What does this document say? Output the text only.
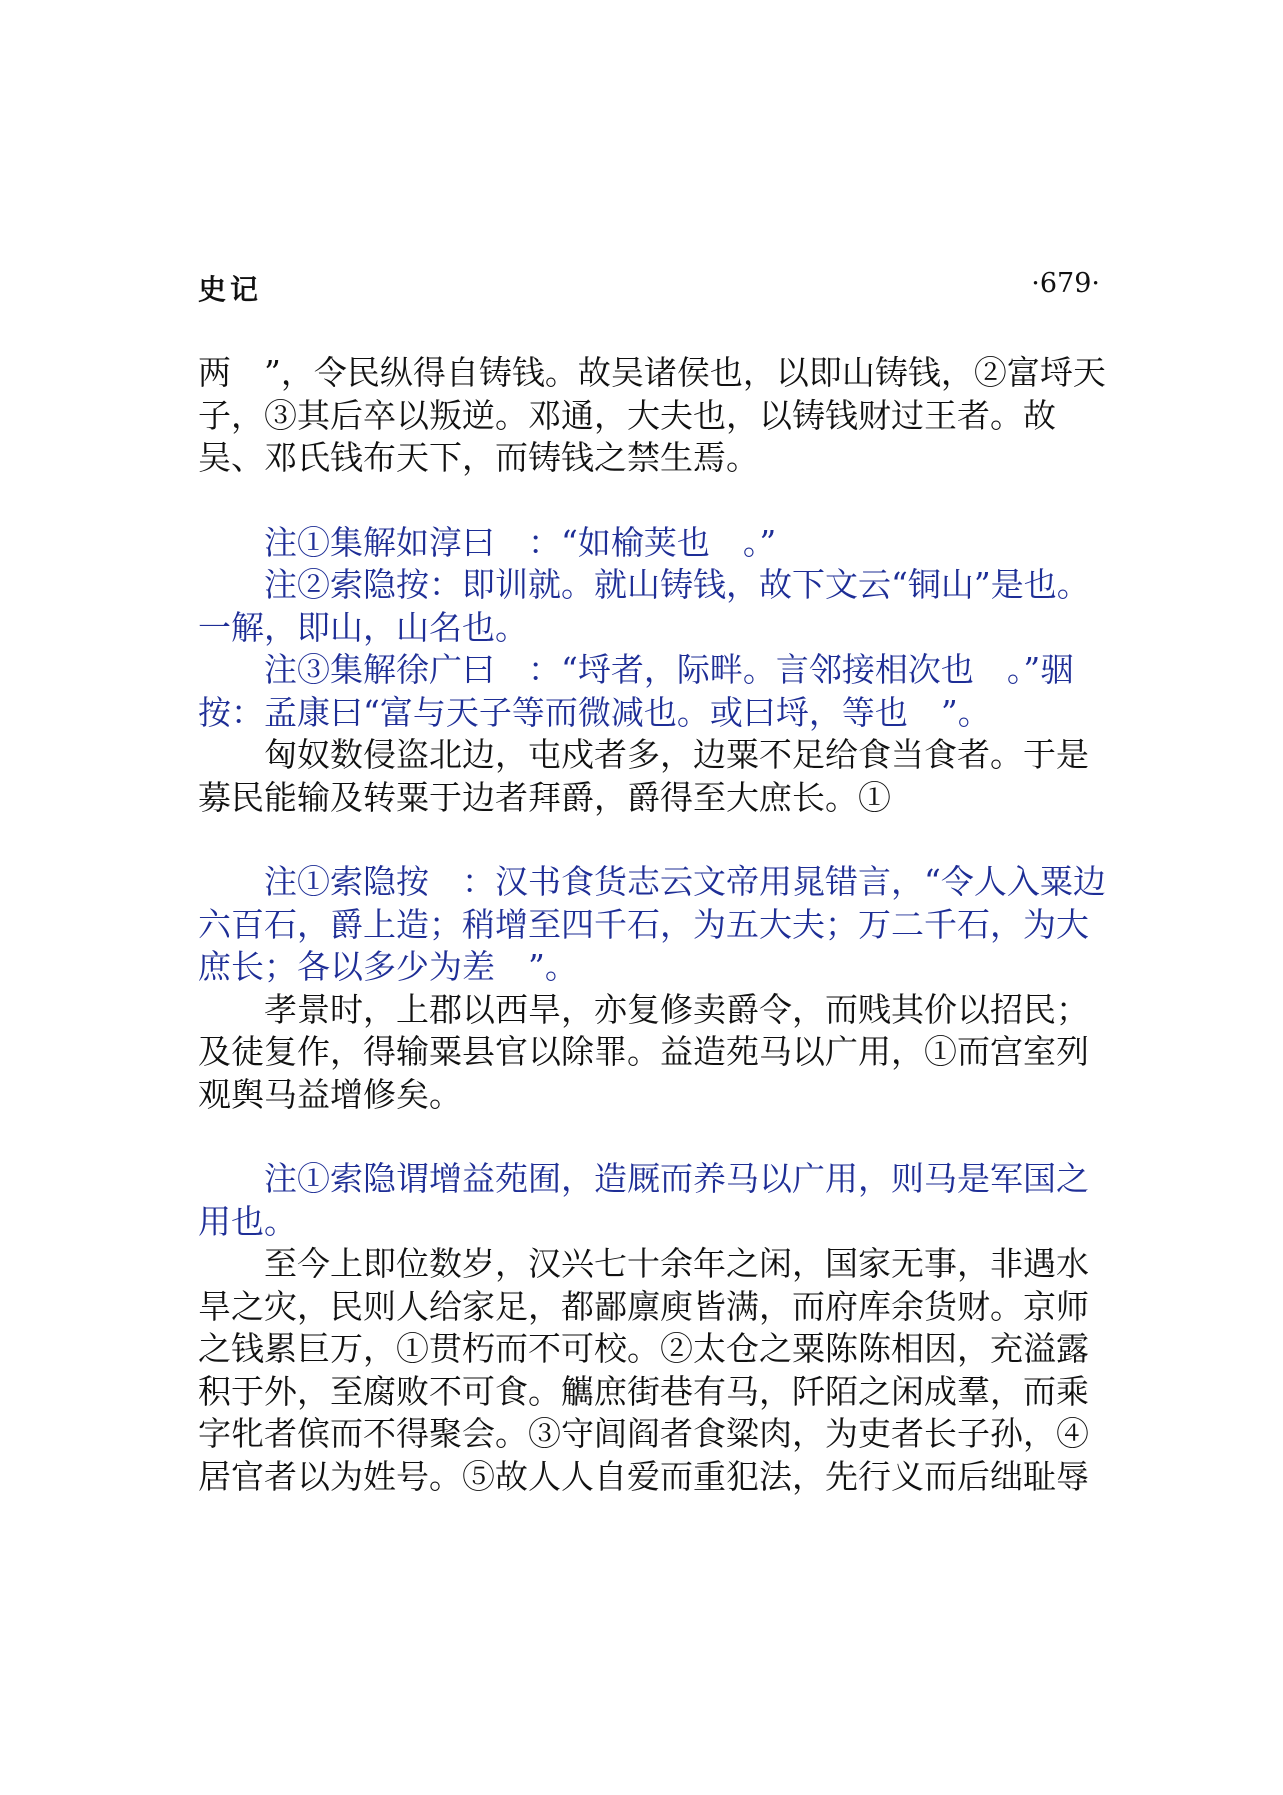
史记	·679·

两　”，令民纵得自铸钱。故吴诸侯也，以即山铸钱，②富埒天子，③其后卒以叛逆。邓通，大夫也，以铸钱财过王者。故吴、邓氏钱布天下，而铸钱之禁生焉。

注①集解如淳曰　：“如榆荚也　。”

注②索隐按：即训就。就山铸钱，故下文云“铜山”是也。一解，即山，山名也。

注③集解徐广曰　：“埒者，际畔。言邻接相次也　。”骃按：孟康曰“富与天子等而微减也。或曰埒，等也　”。

匈奴数侵盗北边，屯戍者多，边粟不足给食当食者。于是募民能输及转粟于边者拜爵，爵得至大庶长。①

注①索隐按　：汉书食货志云文帝用晁错言，“令人入粟边六百石，爵上造；稍增至四千石，为五大夫；万二千石，为大庶长；各以多少为差　”。

孝景时，上郡以西旱，亦复修卖爵令，而贱其价以招民；及徒复作，得输粟县官以除罪。益造苑马以广用，①而宫室列观舆马益增修矣。

注①索隐谓增益苑囿，造厩而养马以广用，则马是军国之用也。

至今上即位数岁，汉兴七十余年之闲，国家无事，非遇水旱之灾，民则人给家足，都鄙廪庾皆满，而府库余货财。京师之钱累巨万，①贯朽而不可校。②太仓之粟陈陈相因，充溢露积于外，至腐败不可食。觽庶街巷有马，阡陌之闲成羣，而乘字牝者傧而不得聚会。③守闾阎者食粱肉，为吏者长子孙，④居官者以为姓号。⑤故人人自爱而重犯法，先行义而后绌耻辱
